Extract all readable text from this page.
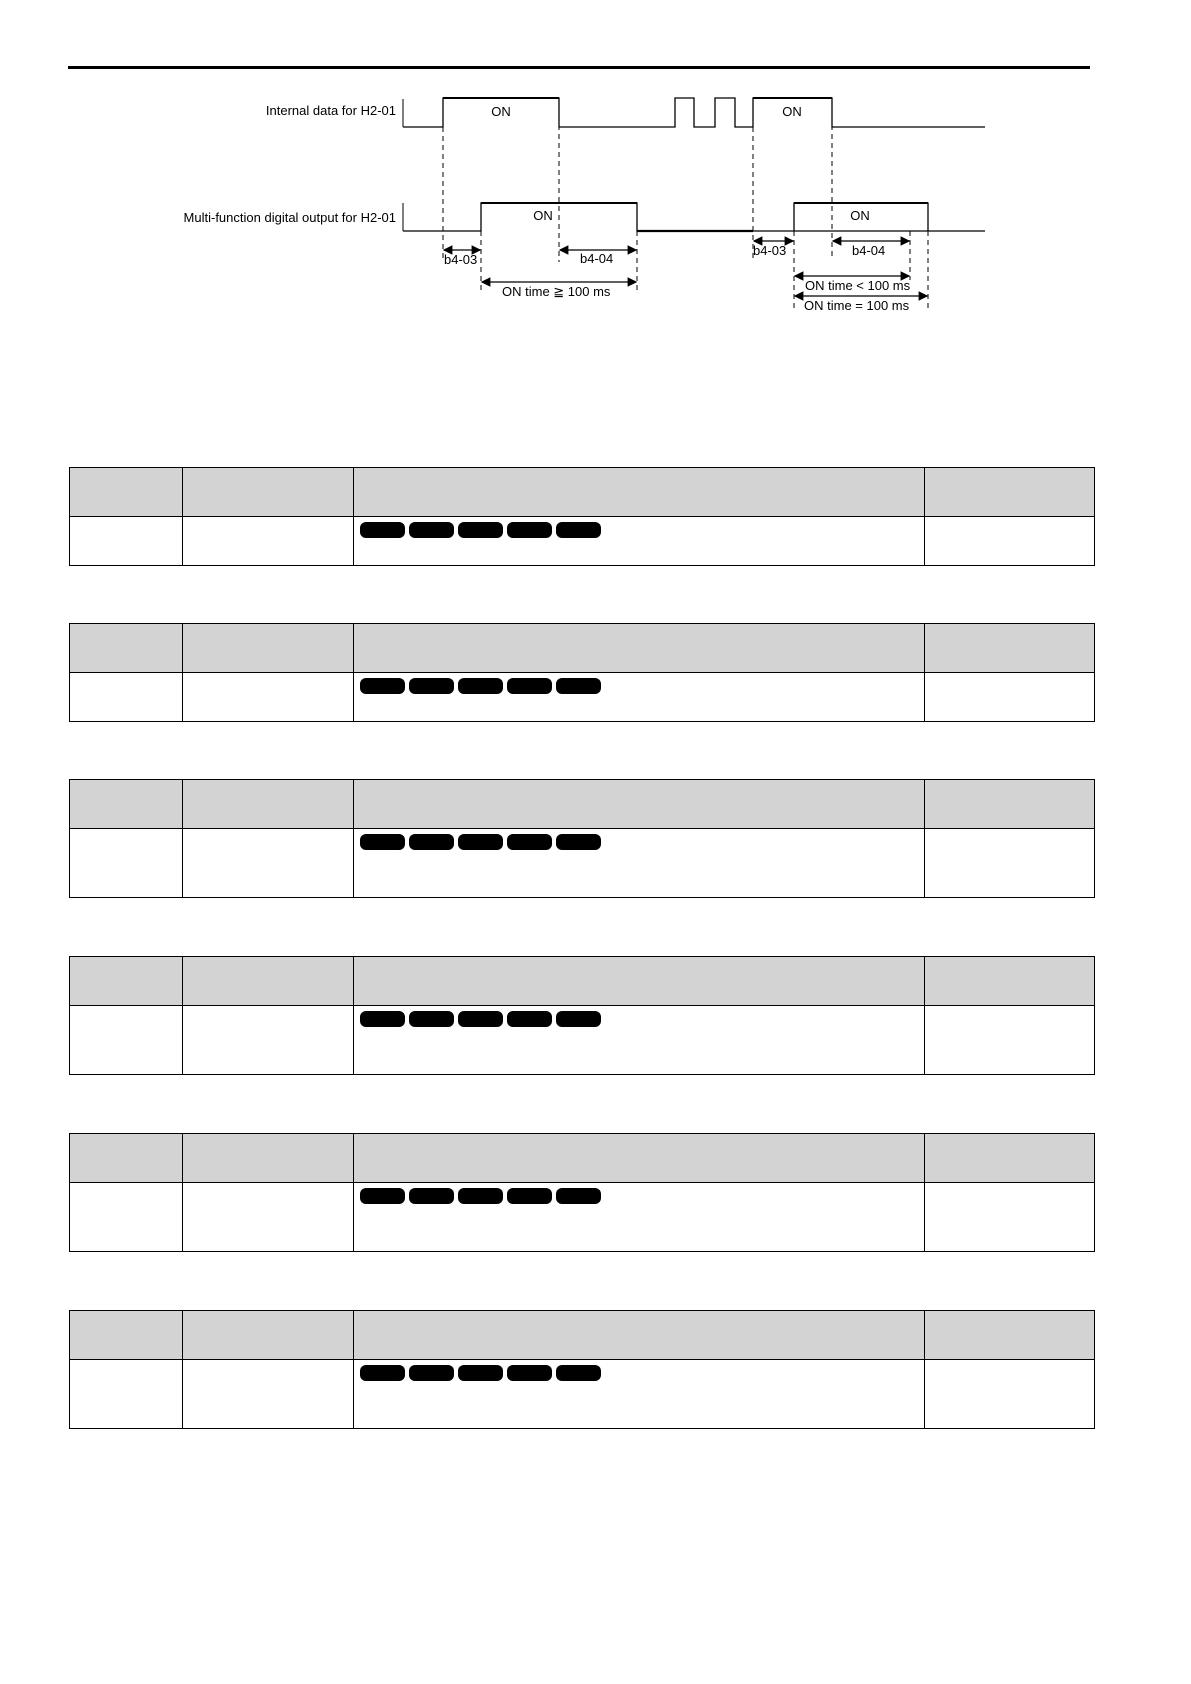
Internal data for H2-01
Multi-function digital output for H2-01
ON	ON
ON	ON
b4-03	b4-04
ON time ≧ 100 ms
b4-03	b4-04
ON time < 100 ms
ON time = 100 ms
